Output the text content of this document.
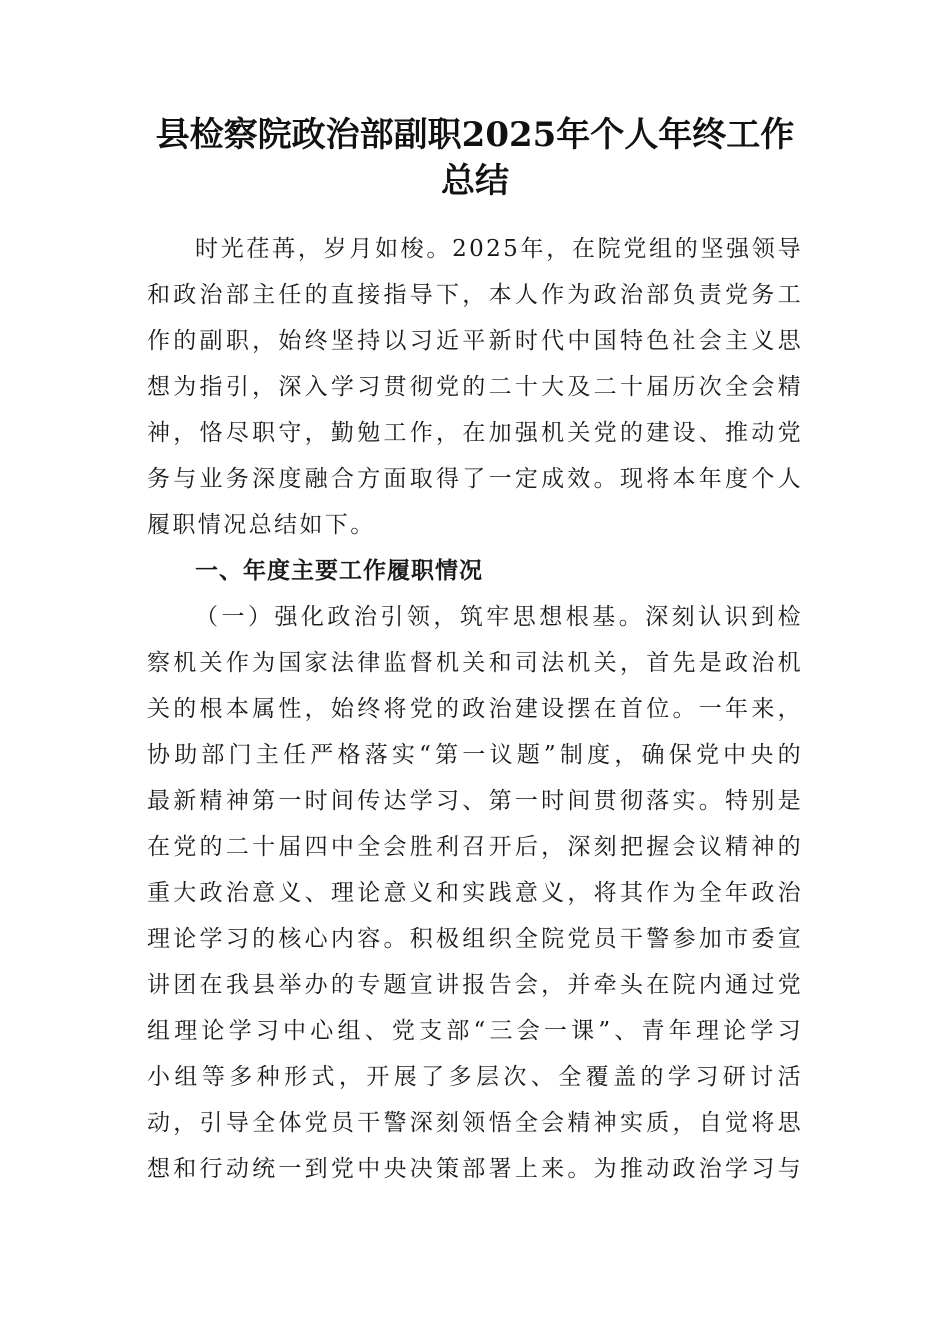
县检察院政治部副职2025年个人年终工作
总结
时光荏苒，岁月如梭。2025年，在院党组的坚强领导
和政治部主任的直接指导下，本人作为政治部负责党务工
作的副职，始终坚持以习近平新时代中国特色社会主义思
想为指引，深入学习贯彻党的二十大及二十届历次全会精
神，恪尽职守，勤勉工作，在加强机关党的建设、推动党
务与业务深度融合方面取得了一定成效。现将本年度个人
履职情况总结如下。
一、年度主要工作履职情况
（一）强化政治引领，筑牢思想根基。深刻认识到检
察机关作为国家法律监督机关和司法机关，首先是政治机
关的根本属性，始终将党的政治建设摆在首位。一年来，
协助部门主任严格落实“第一议题”制度，确保党中央的
最新精神第一时间传达学习、第一时间贯彻落实。特别是
在党的二十届四中全会胜利召开后，深刻把握会议精神的
重大政治意义、理论意义和实践意义，将其作为全年政治
理论学习的核心内容。积极组织全院党员干警参加市委宣
讲团在我县举办的专题宣讲报告会，并牵头在院内通过党
组理论学习中心组、党支部“三会一课”、青年理论学习
小组等多种形式，开展了多层次、全覆盖的学习研讨活
动，引导全体党员干警深刻领悟全会精神实质，自觉将思
想和行动统一到党中央决策部署上来。为推动政治学习与
